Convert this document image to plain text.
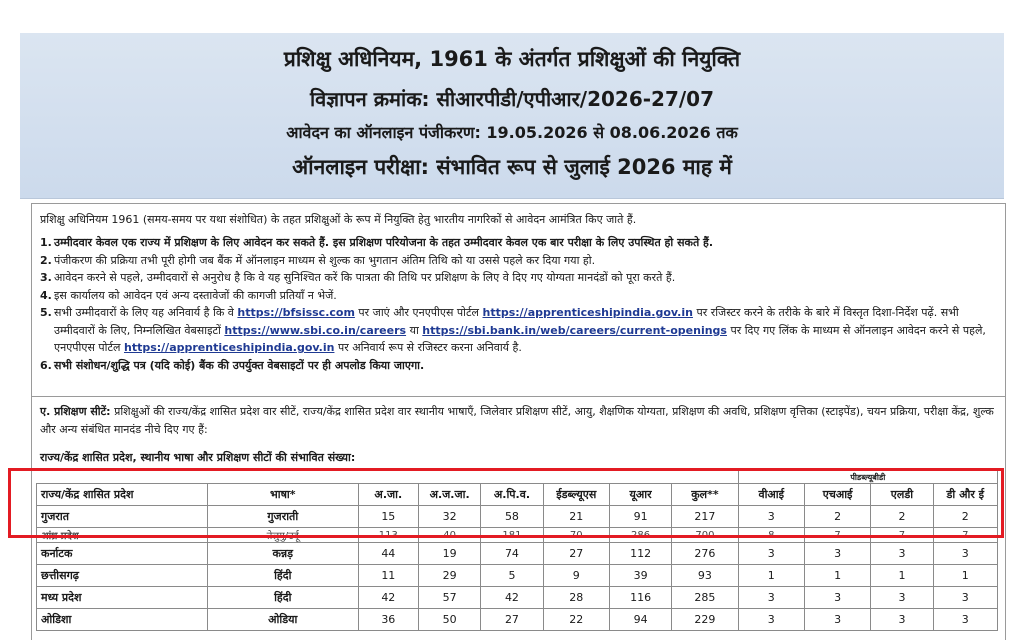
प्रशिक्षु अधिनियम, 1961 के अंतर्गत प्रशिक्षुओं की नियुक्ति
विज्ञापन क्रमांक: सीआरपीडी/एपीआर/2026-27/07
आवेदन का ऑनलाइन पंजीकरण: 19.05.2026 से 08.06.2026 तक
ऑनलाइन परीक्षा: संभावित रूप से जुलाई 2026 माह में
प्रशिक्षु अधिनियम 1961 (समय-समय पर यथा संशोधित) के तहत प्रशिक्षुओं के रूप में नियुक्ति हेतु भारतीय नागरिकों से आवेदन आमंत्रित किए जाते हैं.
1. उम्मीदवार केवल एक राज्य में प्रशिक्षण के लिए आवेदन कर सकते हैं. इस प्रशिक्षण परियोजना के तहत उम्मीदवार केवल एक बार परीक्षा के लिए उपस्थित हो सकते हैं.
2. पंजीकरण की प्रक्रिया तभी पूरी होगी जब बैंक में ऑनलाइन माध्यम से शुल्क का भुगतान अंतिम तिथि को या उससे पहले कर दिया गया हो.
3. आवेदन करने से पहले, उम्मीदवारों से अनुरोध है कि वे यह सुनिश्चित करें कि पात्रता की तिथि पर प्रशिक्षण के लिए वे दिए गए योग्यता मानदंडों को पूरा करते हैं.
4. इस कार्यालय को आवेदन एवं अन्य दस्तावेजों की कागजी प्रतियाँ न भेजें.
5. सभी उम्मीदवारों के लिए यह अनिवार्य है कि वे https://bfsissc.com पर जाएं और एनएपीएस पोर्टल https://apprenticeshipindia.gov.in पर रजिस्टर करने के तरीके के बारे में विस्तृत दिशा-निर्देश पढ़ें. सभी उम्मीदवारों के लिए, निम्नलिखित वेबसाइटों https://www.sbi.co.in/careers या https://sbi.bank.in/web/careers/current-openings पर दिए गए लिंक के माध्यम से ऑनलाइन आवेदन करने से पहले, एनएपीएस पोर्टल https://apprenticeshipindia.gov.in पर अनिवार्य रूप से रजिस्टर करना अनिवार्य है.
6. सभी संशोधन/शुद्धि पत्र (यदि कोई) बैंक की उपर्युक्त वेबसाइटों पर ही अपलोड किया जाएगा.
ए. प्रशिक्षण सीटें: प्रशिक्षुओं की राज्य/केंद्र शासित प्रदेश वार सीटें, राज्य/केंद्र शासित प्रदेश वार स्थानीय भाषाएँ, जिलेवार प्रशिक्षण सीटें, आयु, शैक्षणिक योग्यता, प्रशिक्षण की अवधि, प्रशिक्षण वृत्तिका (स्टाइपेंड), चयन प्रक्रिया, परीक्षा केंद्र, शुल्क और अन्य संबंधित मानदंड नीचे दिए गए हैं:
राज्य/केंद्र शासित प्रदेश, स्थानीय भाषा और प्रशिक्षण सीटों की संभावित संख्या:
								पीडब्ल्यूबीडी			
राज्य/केंद्र शासित प्रदेश	भाषा*	अ.जा.	अ.ज.जा.	अ.पि.व.	ईडब्ल्यूएस	यूआर	कुल**	वीआई	एचआई	एलडी	डी और ई
गुजरात	गुजराती	15	32	58	21	91	217	3	2	2	2
आंध्र प्रदेश	तेलुगु/उर्दू	113	40	181	70	286	700	8	7	7	7
कर्नाटक	कन्नड़	44	19	74	27	112	276	3	3	3	3
छत्तीसगढ़	हिंदी	11	29	5	9	39	93	1	1	1	1
मध्य प्रदेश	हिंदी	42	57	42	28	116	285	3	3	3	3
ओडिशा	ओडिया	36	50	27	22	94	229	3	3	3	3
